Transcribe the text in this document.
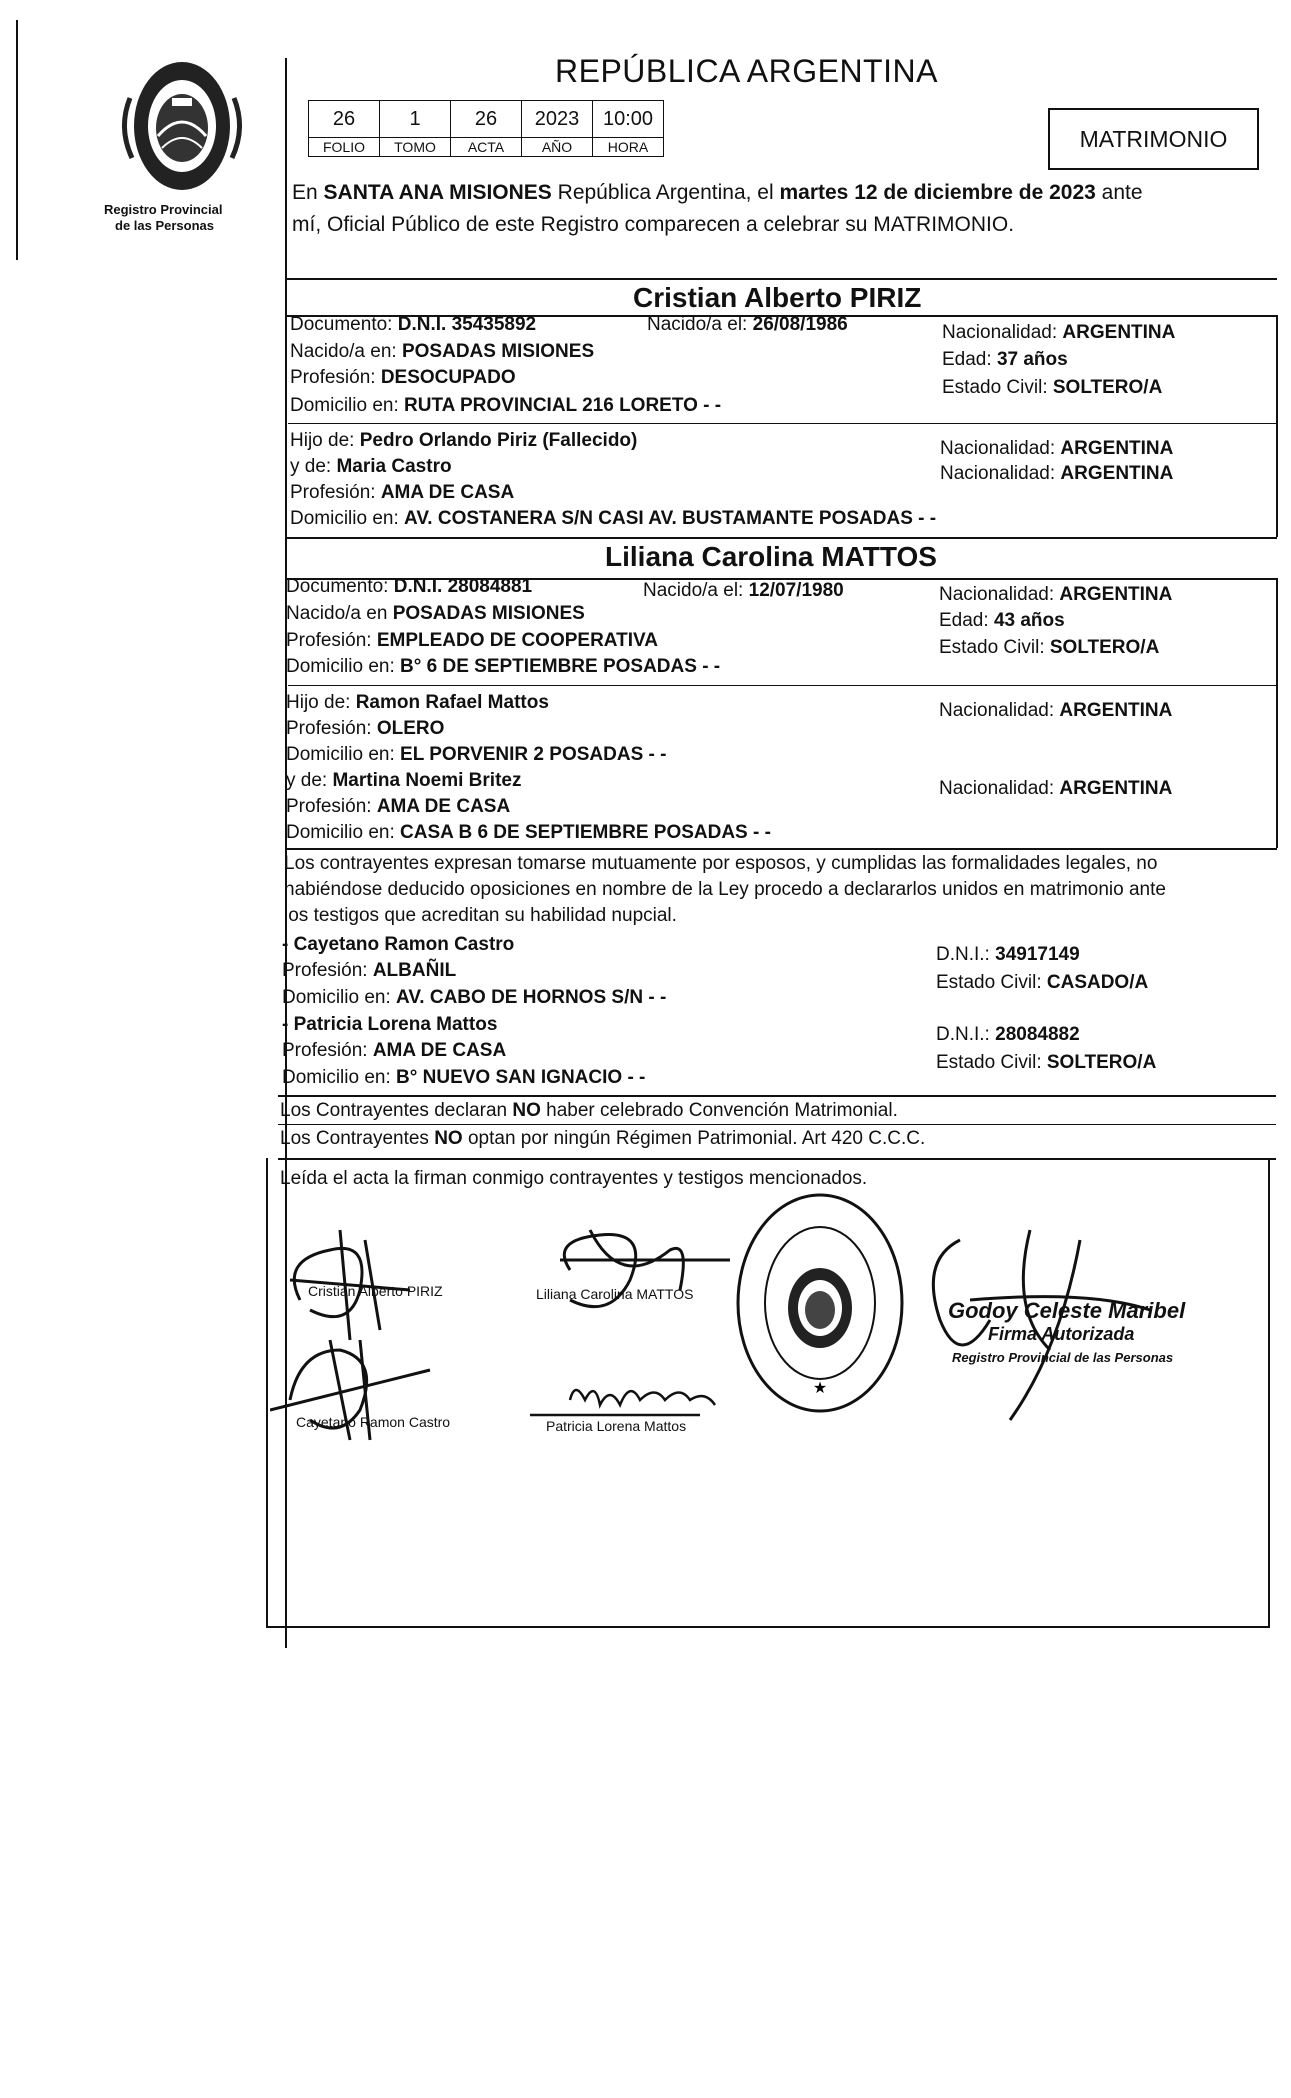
Registro Provincial
de las Personas
REPÚBLICA ARGENTINA
26	1	26	2023	10:00
FOLIO	TOMO	ACTA	AÑO	HORA	MATRIMONIO
En SANTA ANA MISIONES República Argentina, el martes 12 de diciembre de 2023 ante
mí, Oficial Público de este Registro comparecen a celebrar su MATRIMONIO.
Cristian Alberto PIRIZ
Documento: D.N.I. 35435892	Nacido/a el: 26/08/1986	Nacionalidad: ARGENTINA
Nacido/a en: POSADAS MISIONES	Edad: 37 años
Profesión: DESOCUPADO	Estado Civil: SOLTERO/A
Domicilio en: RUTA PROVINCIAL 216 LORETO - -
Hijo de: Pedro Orlando Piriz (Fallecido)	Nacionalidad: ARGENTINA
y de: Maria Castro	Nacionalidad: ARGENTINA
Profesión: AMA DE CASA
Domicilio en: AV. COSTANERA S/N CASI AV. BUSTAMANTE POSADAS - -
Liliana Carolina MATTOS
Documento: D.N.I. 28084881	Nacido/a el: 12/07/1980	Nacionalidad: ARGENTINA
Nacido/a en POSADAS MISIONES	Edad: 43 años
Profesión: EMPLEADO DE COOPERATIVA	Estado Civil: SOLTERO/A
Domicilio en: B° 6 DE SEPTIEMBRE POSADAS - -
Hijo de: Ramon Rafael Mattos	Nacionalidad: ARGENTINA
Profesión: OLERO
Domicilio en: EL PORVENIR 2 POSADAS - -
y de: Martina Noemi Britez	Nacionalidad: ARGENTINA
Profesión: AMA DE CASA
Domicilio en: CASA B 6 DE SEPTIEMBRE POSADAS - -
Los contrayentes expresan tomarse mutuamente por esposos, y cumplidas las formalidades legales, no
habiéndose deducido oposiciones en nombre de la Ley procedo a declararlos unidos en matrimonio ante
los testigos que acreditan su habilidad nupcial.
- Cayetano Ramon Castro	D.N.I.: 34917149
Profesión: ALBAÑIL
Estado Civil: CASADO/A
Domicilio en: AV. CABO DE HORNOS S/N - -
- Patricia Lorena Mattos	D.N.I.: 28084882
Profesión: AMA DE CASA
Estado Civil: SOLTERO/A
Domicilio en: B° NUEVO SAN IGNACIO - -
Los Contrayentes declaran NO haber celebrado Convención Matrimonial.
Los Contrayentes NO optan por ningún Régimen Patrimonial. Art 420 C.C.C.
Leída el acta la firman conmigo contrayentes y testigos mencionados.
Cristian Alberto PIRIZ	Liliana Carolina MATTOS
Cayetano Ramon Castro	Patricia Lorena Mattos
★
Godoy Celeste Maribel
Firma Autorizada
Registro Provincial de las Personas
